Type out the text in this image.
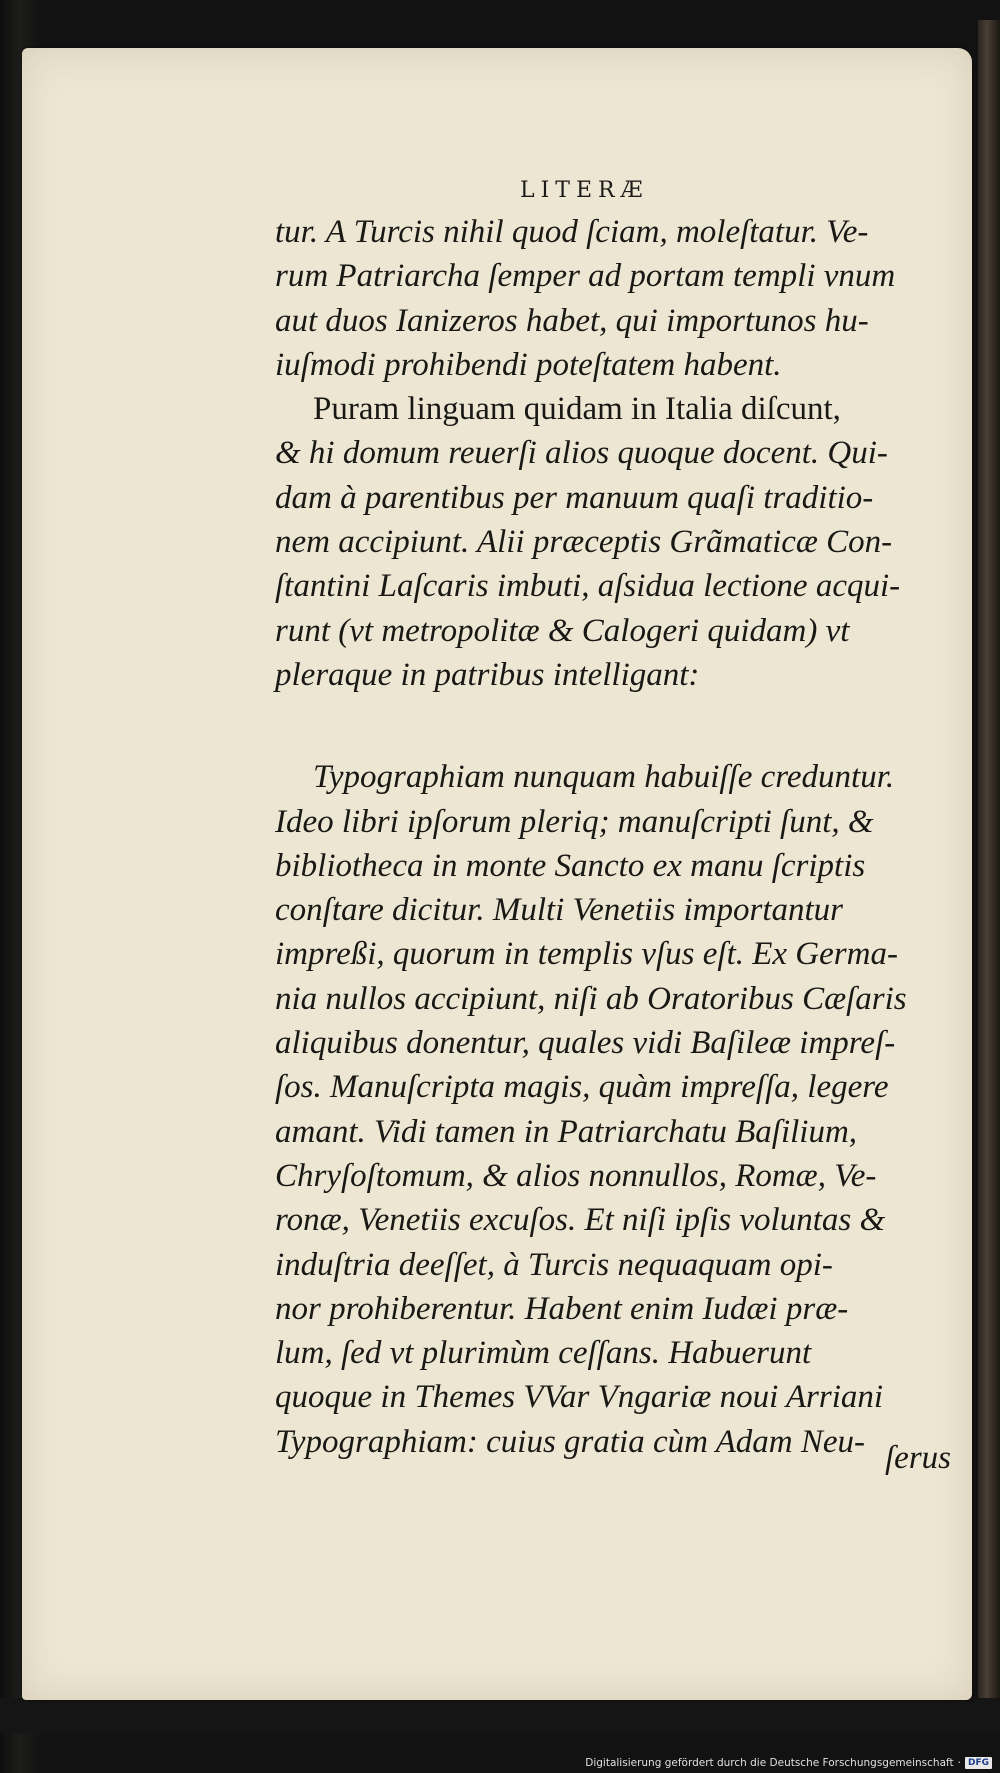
LITERÆ
tur. A Turcis nihil quod ſciam, moleſtatur. Ve-
rum Patriarcha ſemper ad portam templi vnum
aut duos Ianizeros habet, qui importunos hu-
iuſmodi prohibendi poteſtatem habent.
Puram linguam quidam in Italia diſcunt,
& hi domum reuerſi alios quoque docent. Qui-
dam à parentibus per manuum quaſi traditio-
nem accipiunt. Alii præceptis Grãmaticæ Con-
ſtantini Laſcaris imbuti, aſsidua lectione acqui-
runt (vt metropolitæ & Calogeri quidam) vt
pleraque in patribus intelligant:
Typographiam nunquam habuiſſe creduntur.
Ideo libri ipſorum pleriq; manuſcripti ſunt, &
bibliotheca in monte Sancto ex manu ſcriptis
conſtare dicitur. Multi Venetiis importantur
impreßi, quorum in templis vſus eſt. Ex Germa-
nia nullos accipiunt, niſi ab Oratoribus Cæſaris
aliquibus donentur, quales vidi Baſileæ impreſ-
ſos. Manuſcripta magis, quàm impreſſa, legere
amant. Vidi tamen in Patriarchatu Baſilium,
Chryſoſtomum, & alios nonnullos, Romæ, Ve-
ronæ, Venetiis excuſos. Et niſi ipſis voluntas &
induſtria deeſſet, à Turcis nequaquam opi-
nor prohiberentur. Habent enim Iudæi præ-
lum, ſed vt plurimùm ceſſans. Habuerunt
quoque in Themes VVar Vngariæ noui Arriani
Typographiam: cuius gratia cùm Adam Neu- ſerus
Digitalisierung gefördert durch die Deutsche Forschungsgemeinschaft · DFG
